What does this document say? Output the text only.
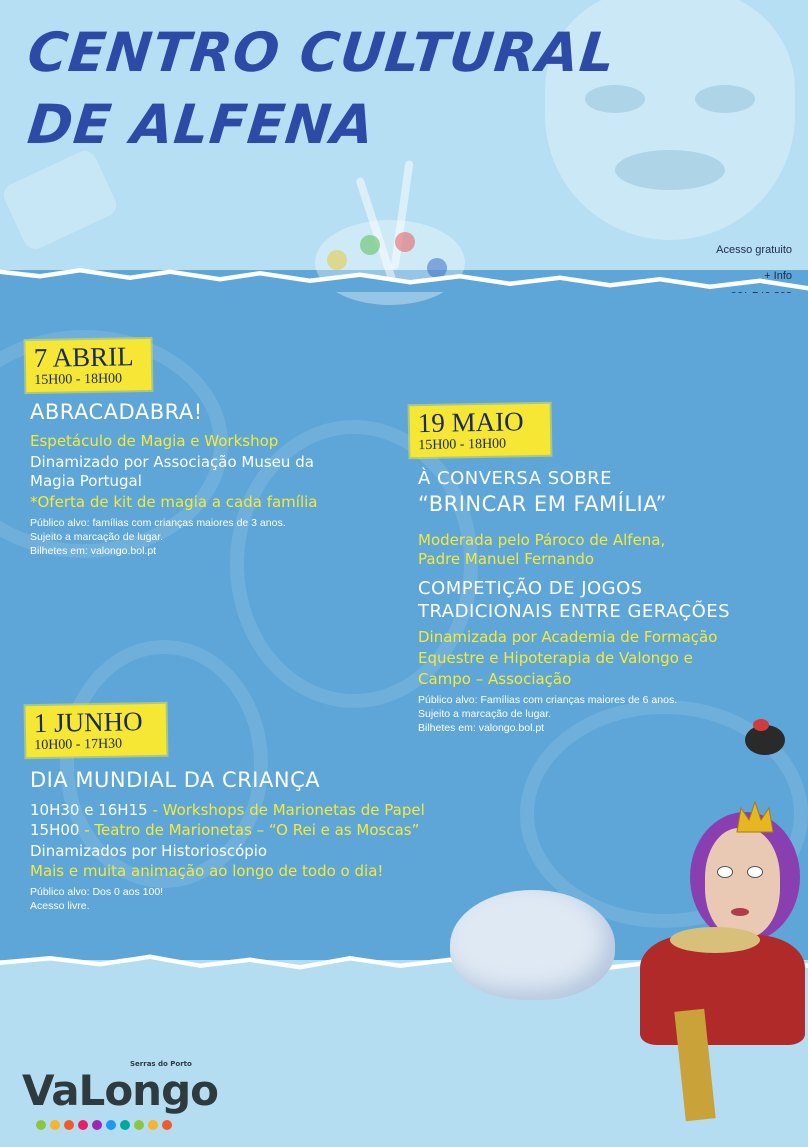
CENTRO CULTURAL
DE ALFENA
Acesso gratuito
+ Info
7 ABRIL
15H00 - 18H00
ABRACADABRA!
Espetáculo de Magia e Workshop
Dinamizado por Associação Museu da
Magia Portugal
*Oferta de kit de magia a cada família
Público alvo: famílias com crianças maiores de 3 anos.
Sujeito a marcação de lugar.
Bilhetes em: valongo.bol.pt
19 MAIO
15H00 - 18H00
À CONVERSA SOBRE
“BRINCAR EM FAMÍLIA”
Moderada pelo Pároco de Alfena,
Padre Manuel Fernando
COMPETIÇÃO DE JOGOS
TRADICIONAIS ENTRE GERAÇÕES
Dinamizada por Academia de Formação
Equestre e Hipoterapia de Valongo e
Campo – Associação
Público alvo: Famílias com crianças maiores de 6 anos.
Sujeito a marcação de lugar.
Bilhetes em: valongo.bol.pt
1 JUNHO
10H00 - 17H30
DIA MUNDIAL DA CRIANÇA
10H30 e 16H15 - Workshops de Marionetas de Papel
15H00 - Teatro de Marionetas – “O Rei e as Moscas”
Dinamizados por Historioscópio
Mais e muita animação ao longo de todo o dia!
Público alvo: Dos 0 aos 100!
Acesso livre.
Serras do Porto
VaLongo
